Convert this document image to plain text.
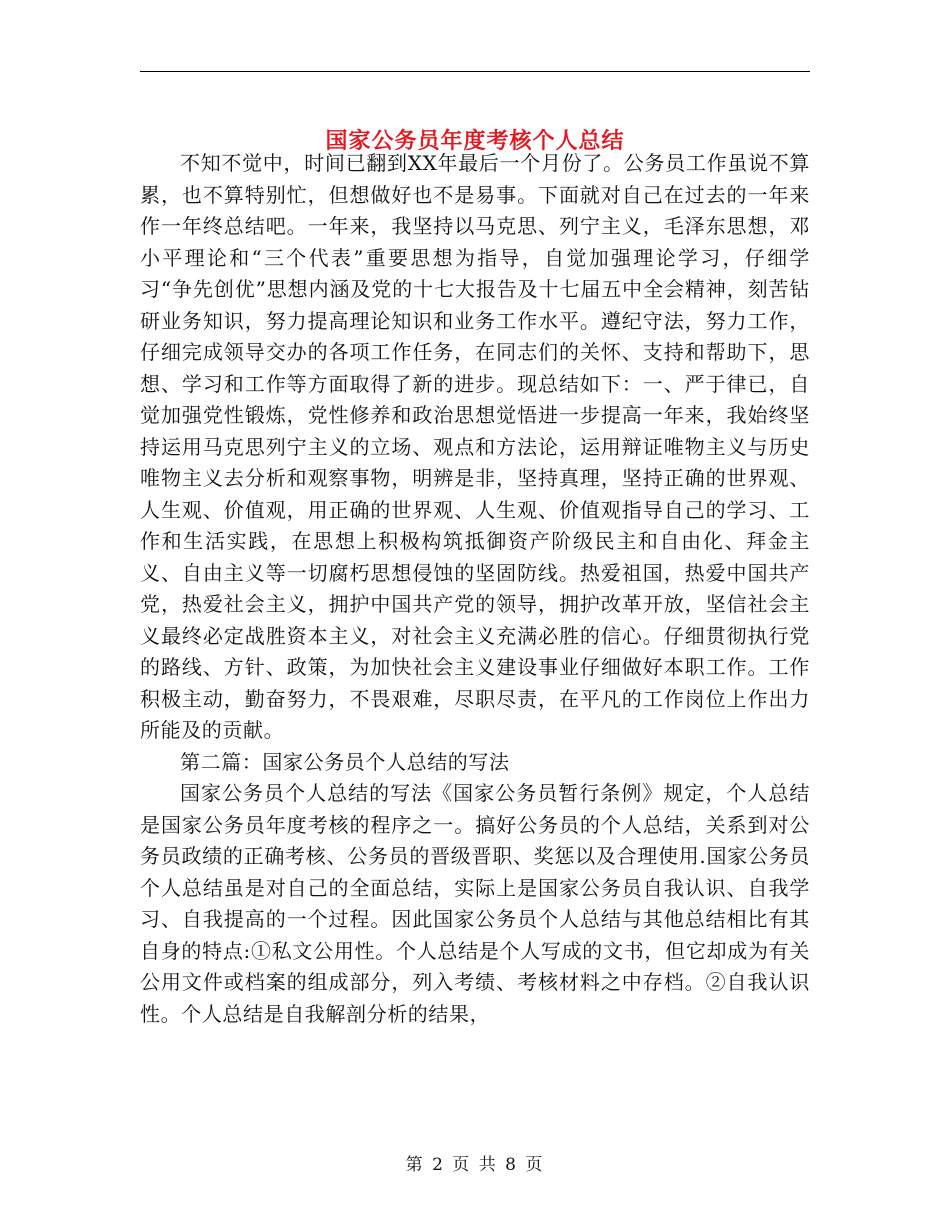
国家公务员年度考核个人总结

不知不觉中，时间已翻到XX年最后一个月份了。公务员工作虽说不算累，也不算特别忙，但想做好也不是易事。下面就对自己在过去的一年来作一年终总结吧。一年来，我坚持以马克思、列宁主义，毛泽东思想，邓小平理论和“三个代表”重要思想为指导，自觉加强理论学习，仔细学习“争先创优”思想内涵及党的十七大报告及十七届五中全会精神，刻苦钻研业务知识，努力提高理论知识和业务工作水平。遵纪守法，努力工作，仔细完成领导交办的各项工作任务，在同志们的关怀、支持和帮助下，思想、学习和工作等方面取得了新的进步。现总结如下：一、严于律已，自觉加强党性锻炼，党性修养和政治思想觉悟进一步提高一年来，我始终坚持运用马克思列宁主义的立场、观点和方法论，运用辩证唯物主义与历史唯物主义去分析和观察事物，明辨是非，坚持真理，坚持正确的世界观、人生观、价值观，用正确的世界观、人生观、价值观指导自己的学习、工作和生活实践，在思想上积极构筑抵御资产阶级民主和自由化、拜金主义、自由主义等一切腐朽思想侵蚀的坚固防线。热爱祖国，热爱中国共产党，热爱社会主义，拥护中国共产党的领导，拥护改革开放，坚信社会主义最终必定战胜资本主义，对社会主义充满必胜的信心。仔细贯彻执行党的路线、方针、政策，为加快社会主义建设事业仔细做好本职工作。工作积极主动，勤奋努力，不畏艰难，尽职尽责，在平凡的工作岗位上作出力所能及的贡献。

第二篇：国家公务员个人总结的写法

国家公务员个人总结的写法《国家公务员暂行条例》规定，个人总结是国家公务员年度考核的程序之一。搞好公务员的个人总结，关系到对公务员政绩的正确考核、公务员的晋级晋职、奖惩以及合理使用.国家公务员个人总结虽是对自己的全面总结，实际上是国家公务员自我认识、自我学习、自我提高的一个过程。因此国家公务员个人总结与其他总结相比有其自身的特点:①私文公用性。个人总结是个人写成的文书，但它却成为有关公用文件或档案的组成部分，列入考绩、考核材料之中存档。②自我认识性。个人总结是自我解剖分析的结果，

第 2 页 共 8 页
